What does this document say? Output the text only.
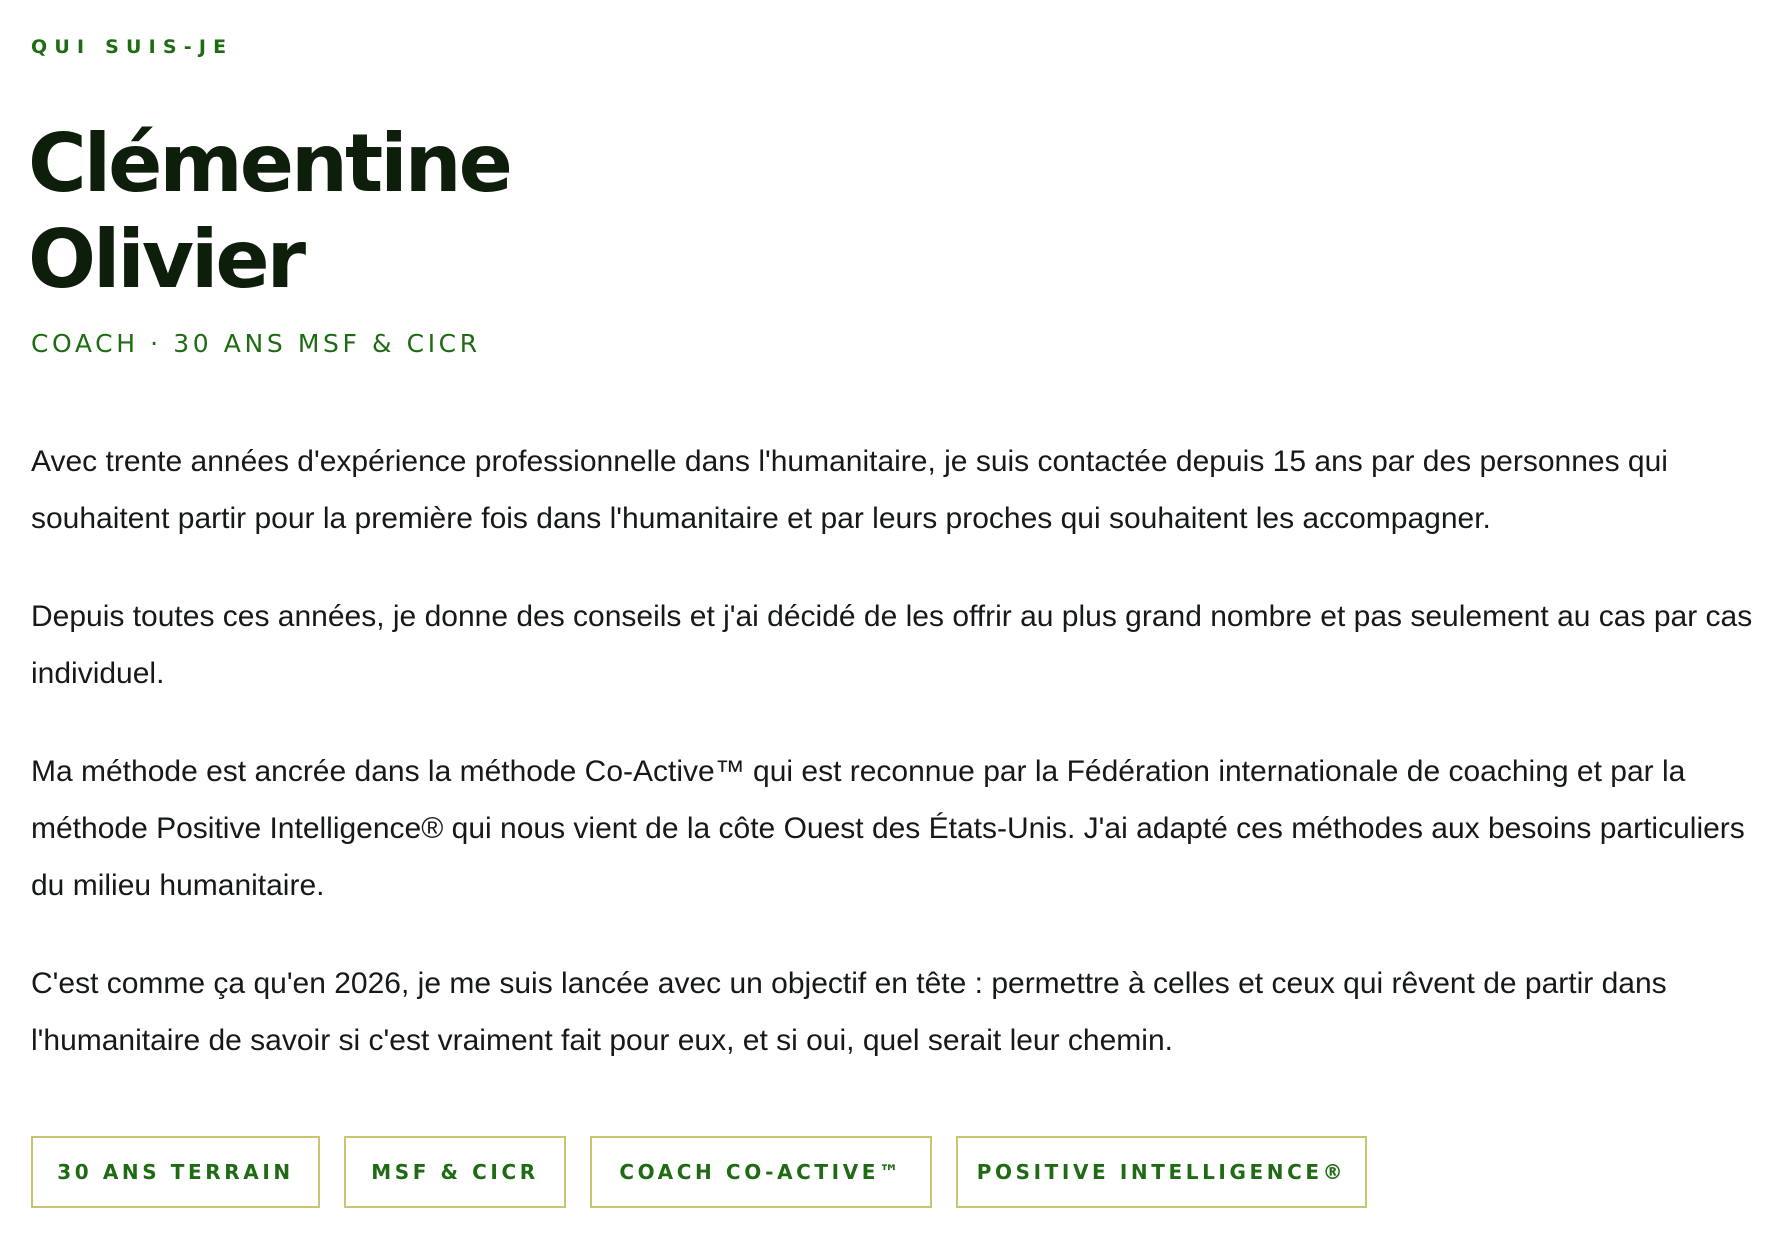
QUI SUIS-JE
Clémentine
Olivier
COACH · 30 ANS MSF & CICR

Avec trente années d'expérience professionnelle dans l'humanitaire, je suis contactée depuis 15 ans par des personnes qui souhaitent partir pour la première fois dans l'humanitaire et par leurs proches qui souhaitent les accompagner.

Depuis toutes ces années, je donne des conseils et j'ai décidé de les offrir au plus grand nombre et pas seulement au cas par cas individuel.

Ma méthode est ancrée dans la méthode Co-Active™ qui est reconnue par la Fédération internationale de coaching et par la méthode Positive Intelligence® qui nous vient de la côte Ouest des États-Unis. J'ai adapté ces méthodes aux besoins particuliers du milieu humanitaire.

C'est comme ça qu'en 2026, je me suis lancée avec un objectif en tête : permettre à celles et ceux qui rêvent de partir dans l'humanitaire de savoir si c'est vraiment fait pour eux, et si oui, quel serait leur chemin.

30 ANS TERRAIN	MSF & CICR	COACH CO-ACTIVE™	POSITIVE INTELLIGENCE®
